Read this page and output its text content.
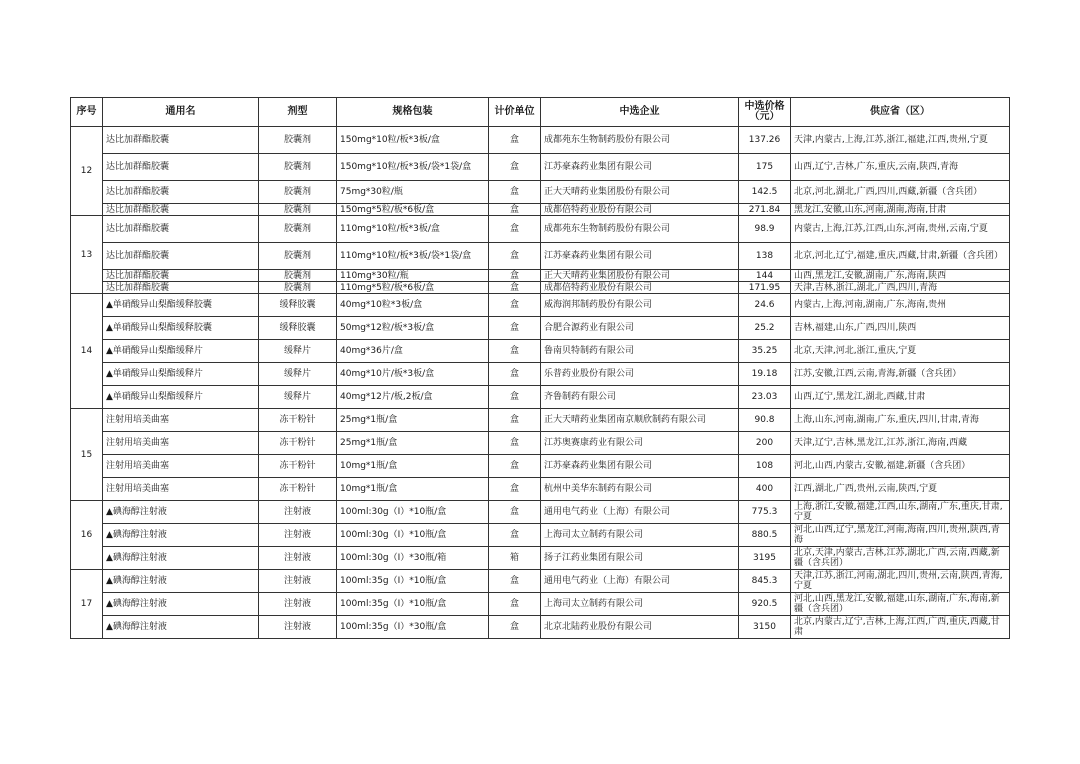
序号	通用名	剂型	规格包装	计价单位	中选企业	中选价格（元）	供应省（区）
12	达比加群酯胶囊	胶囊剂	150mg*10粒/板*3板/盒	盒	成都苑东生物制药股份有限公司	137.26	天津,内蒙古,上海,江苏,浙江,福建,江西,贵州,宁夏
	达比加群酯胶囊	胶囊剂	150mg*10粒/板*3板/袋*1袋/盒	盒	江苏豪森药业集团有限公司	175	山西,辽宁,吉林,广东,重庆,云南,陕西,青海
	达比加群酯胶囊	胶囊剂	75mg*30粒/瓶	盒	正大天晴药业集团股份有限公司	142.5	北京,河北,湖北,广西,四川,西藏,新疆（含兵团）
	达比加群酯胶囊	胶囊剂	150mg*5粒/板*6板/盒	盒	成都倍特药业股份有限公司	271.84	黑龙江,安徽,山东,河南,湖南,海南,甘肃
13	达比加群酯胶囊	胶囊剂	110mg*10粒/板*3板/盒	盒	成都苑东生物制药股份有限公司	98.9	内蒙古,上海,江苏,江西,山东,河南,贵州,云南,宁夏
	达比加群酯胶囊	胶囊剂	110mg*10粒/板*3板/袋*1袋/盒	盒	江苏豪森药业集团有限公司	138	北京,河北,辽宁,福建,重庆,西藏,甘肃,新疆（含兵团）
	达比加群酯胶囊	胶囊剂	110mg*30粒/瓶	盒	正大天晴药业集团股份有限公司	144	山西,黑龙江,安徽,湖南,广东,海南,陕西
	达比加群酯胶囊	胶囊剂	110mg*5粒/板*6板/盒	盒	成都倍特药业股份有限公司	171.95	天津,吉林,浙江,湖北,广西,四川,青海
14	▲单硝酸异山梨酯缓释胶囊	缓释胶囊	40mg*10粒*3板/盒	盒	威海润邦制药股份有限公司	24.6	内蒙古,上海,河南,湖南,广东,海南,贵州
	▲单硝酸异山梨酯缓释胶囊	缓释胶囊	50mg*12粒/板*3板/盒	盒	合肥合源药业有限公司	25.2	吉林,福建,山东,广西,四川,陕西
	▲单硝酸异山梨酯缓释片	缓释片	40mg*36片/盒	盒	鲁南贝特制药有限公司	35.25	北京,天津,河北,浙江,重庆,宁夏
	▲单硝酸异山梨酯缓释片	缓释片	40mg*10片/板*3板/盒	盒	乐普药业股份有限公司	19.18	江苏,安徽,江西,云南,青海,新疆（含兵团）
	▲单硝酸异山梨酯缓释片	缓释片	40mg*12片/板,2板/盒	盒	齐鲁制药有限公司	23.03	山西,辽宁,黑龙江,湖北,西藏,甘肃
15	注射用培美曲塞	冻干粉针	25mg*1瓶/盒	盒	正大天晴药业集团南京顺欣制药有限公司	90.8	上海,山东,河南,湖南,广东,重庆,四川,甘肃,青海
	注射用培美曲塞	冻干粉针	25mg*1瓶/盒	盒	江苏奥赛康药业有限公司	200	天津,辽宁,吉林,黑龙江,江苏,浙江,海南,西藏
	注射用培美曲塞	冻干粉针	10mg*1瓶/盒	盒	江苏豪森药业集团有限公司	108	河北,山西,内蒙古,安徽,福建,新疆（含兵团）
	注射用培美曲塞	冻干粉针	10mg*1瓶/盒	盒	杭州中美华东制药有限公司	400	江西,湖北,广西,贵州,云南,陕西,宁夏
16	▲碘海醇注射液	注射液	100ml:30g（I）*10瓶/盒	盒	通用电气药业（上海）有限公司	775.3	上海,浙江,安徽,福建,江西,山东,湖南,广东,重庆,甘肃,宁夏
	▲碘海醇注射液	注射液	100ml:30g（I）*10瓶/盒	盒	上海司太立制药有限公司	880.5	河北,山西,辽宁,黑龙江,河南,海南,四川,贵州,陕西,青海
	▲碘海醇注射液	注射液	100ml:30g（I）*30瓶/箱	箱	扬子江药业集团有限公司	3195	北京,天津,内蒙古,吉林,江苏,湖北,广西,云南,西藏,新疆（含兵团）
17	▲碘海醇注射液	注射液	100ml:35g（I）*10瓶/盒	盒	通用电气药业（上海）有限公司	845.3	天津,江苏,浙江,河南,湖北,四川,贵州,云南,陕西,青海,宁夏
	▲碘海醇注射液	注射液	100ml:35g（I）*10瓶/盒	盒	上海司太立制药有限公司	920.5	河北,山西,黑龙江,安徽,福建,山东,湖南,广东,海南,新疆（含兵团）
	▲碘海醇注射液	注射液	100ml:35g（I）*30瓶/盒	盒	北京北陆药业股份有限公司	3150	北京,内蒙古,辽宁,吉林,上海,江西,广西,重庆,西藏,甘肃
